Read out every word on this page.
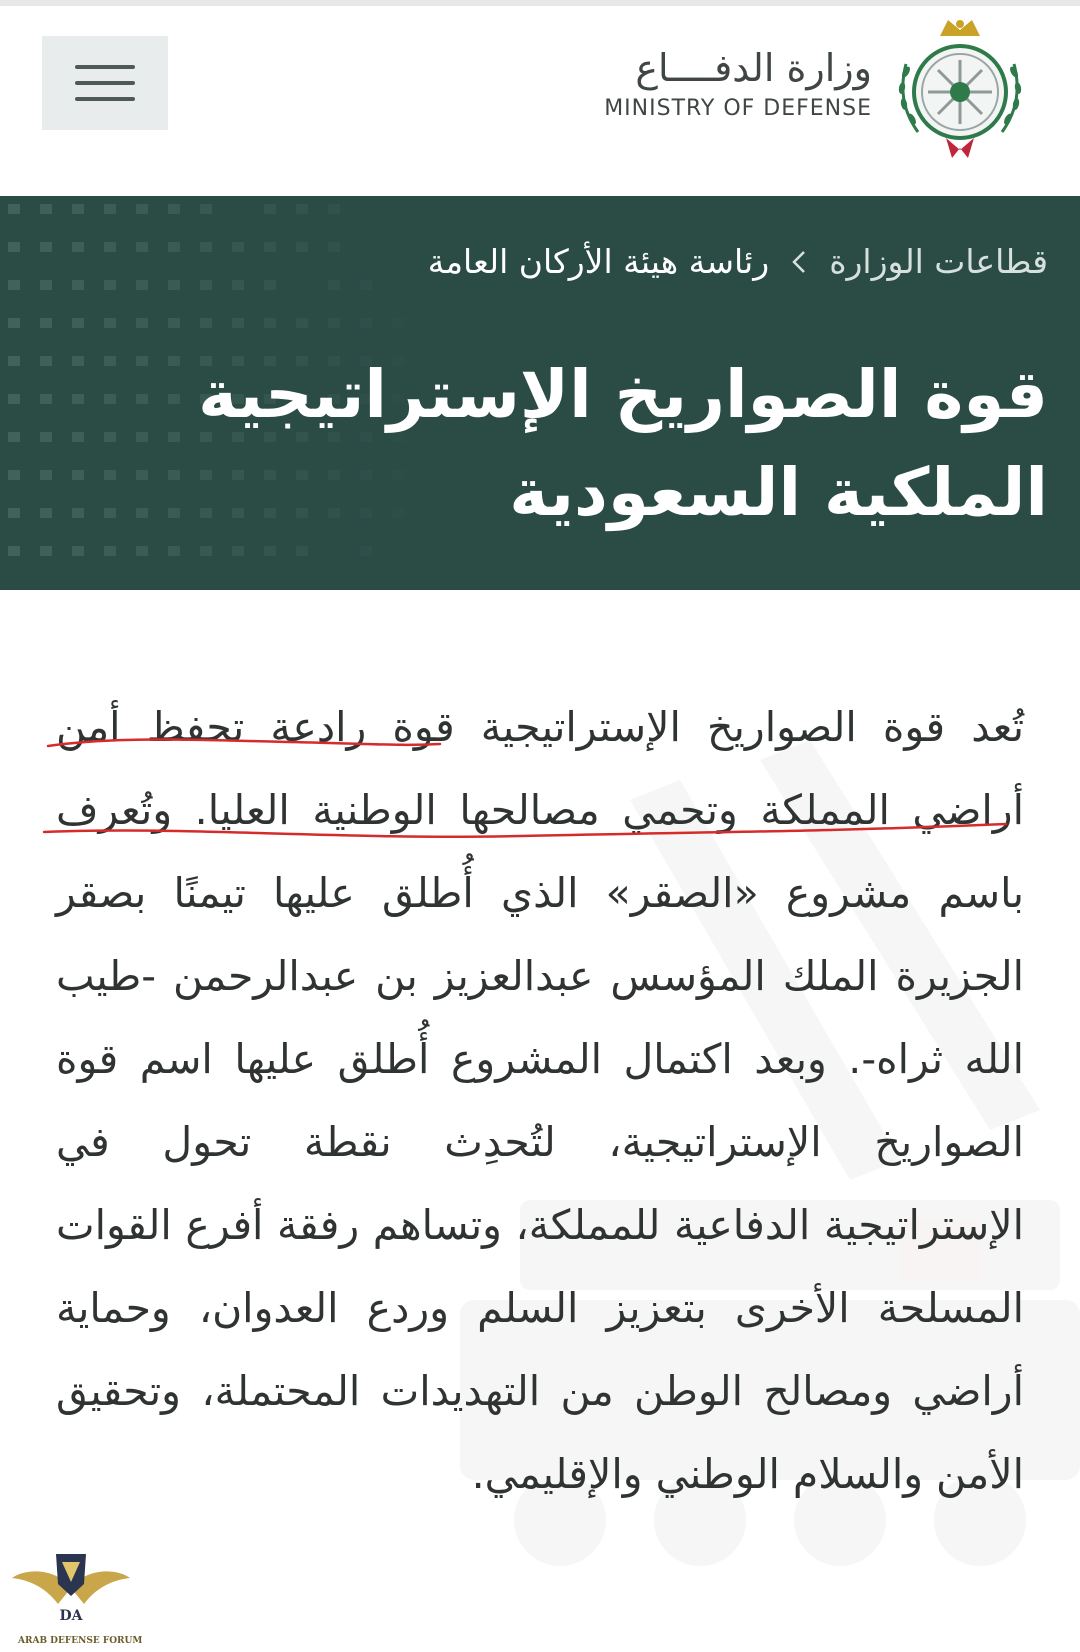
وزارة الدفــــاع
MINISTRY OF DEFENSE
قطاعات الوزارة
رئاسة هيئة الأركان العامة
قوة الصواريخ الإستراتيجية الملكية السعودية

تُعد قوة الصواريخ الإستراتيجية قوة رادعة تحفظ أمن أراضي المملكة وتحمي مصالحها الوطنية العليا. وتُعرف باسم مشروع «الصقر» الذي أُطلق عليها تيمنًا بصقر الجزيرة الملك المؤسس عبدالعزيز بن عبدالرحمن -طيب الله ثراه-. وبعد اكتمال المشروع أُطلق عليها اسم قوة الصواريخ الإستراتيجية، لتُحدِث نقطة تحول في الإستراتيجية الدفاعية للمملكة، وتساهم رفقة أفرع القوات المسلحة الأخرى بتعزيز السلم وردع العدوان، وحماية أراضي ومصالح الوطن من التهديدات المحتملة، وتحقيق الأمن والسلام الوطني والإقليمي.

DA
ARAB DEFENSE FORUM
